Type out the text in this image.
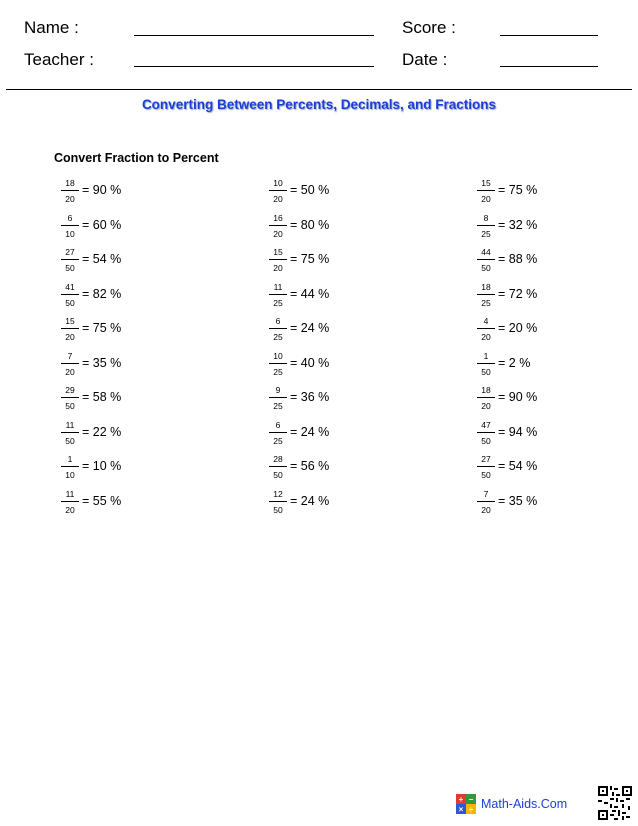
Name :	Score :
Teacher :	Date :
Converting Between Percents, Decimals, and Fractions
Convert Fraction to Percent
18
20
= 90 %
6
10
= 60 %
27
50
= 54 %
41
50
= 82 %
15
20
= 75 %
7
20
= 35 %
29
50
= 58 %
11
50
= 22 %
1
10
= 10 %
11
20
= 55 %
10
20
= 50 %
16
20
= 80 %
15
20
= 75 %
11
25
= 44 %
6
25
= 24 %
10
25
= 40 %
9
25
= 36 %
6
25
= 24 %
28
50
= 56 %
12
50
= 24 %
15
20
= 75 %
8
25
= 32 %
44
50
= 88 %
18
25
= 72 %
4
20
= 20 %
1
50
= 2 %
18
20
= 90 %
47
50
= 94 %
27
50
= 54 %
7
20
= 35 %
+ −
× ÷ Math-Aids.Com
